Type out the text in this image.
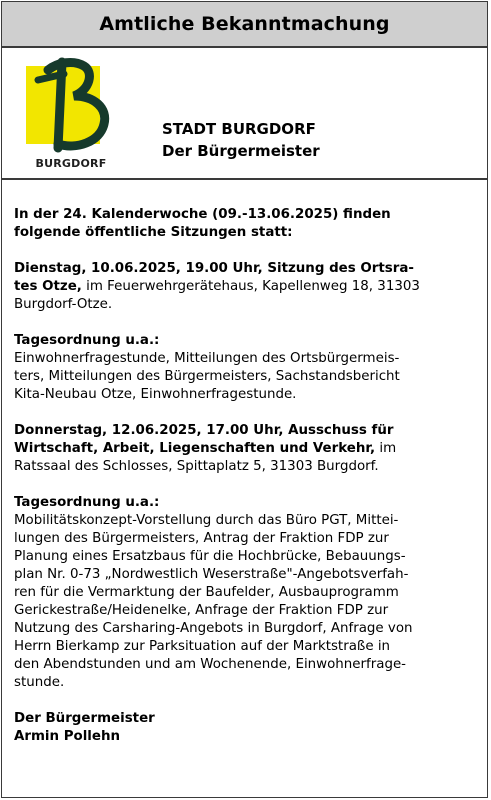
Amtliche Bekanntmachung
BURGDORF
STADT BURGDORF
Der Bürgermeister

In der 24. Kalenderwoche (09.-13.06.2025) finden
folgende öffentliche Sitzungen statt:

Dienstag, 10.06.2025, 19.00 Uhr, Sitzung des Ortsra-
tes Otze, im Feuerwehrgerätehaus, Kapellenweg 18, 31303
Burgdorf-Otze.

Tagesordnung u.a.:
Einwohnerfragestunde, Mitteilungen des Ortsbürgermeis-
ters, Mitteilungen des Bürgermeisters, Sachstandsbericht
Kita-Neubau Otze, Einwohnerfragestunde.

Donnerstag, 12.06.2025, 17.00 Uhr, Ausschuss für
Wirtschaft, Arbeit, Liegenschaften und Verkehr, im
Ratssaal des Schlosses, Spittaplatz 5, 31303 Burgdorf.

Tagesordnung u.a.:
Mobilitätskonzept-Vorstellung durch das Büro PGT, Mittei-
lungen des Bürgermeisters, Antrag der Fraktion FDP zur
Planung eines Ersatzbaus für die Hochbrücke, Bebauungs-
plan Nr. 0-73 „Nordwestlich Weserstraße"-Angebotsverfah-
ren für die Vermarktung der Baufelder, Ausbauprogramm
Gerickestraße/Heidenelke, Anfrage der Fraktion FDP zur
Nutzung des Carsharing-Angebots in Burgdorf, Anfrage von
Herrn Bierkamp zur Parksituation auf der Marktstraße in
den Abendstunden und am Wochenende, Einwohnerfrage-
stunde.

Der Bürgermeister
Armin Pollehn
